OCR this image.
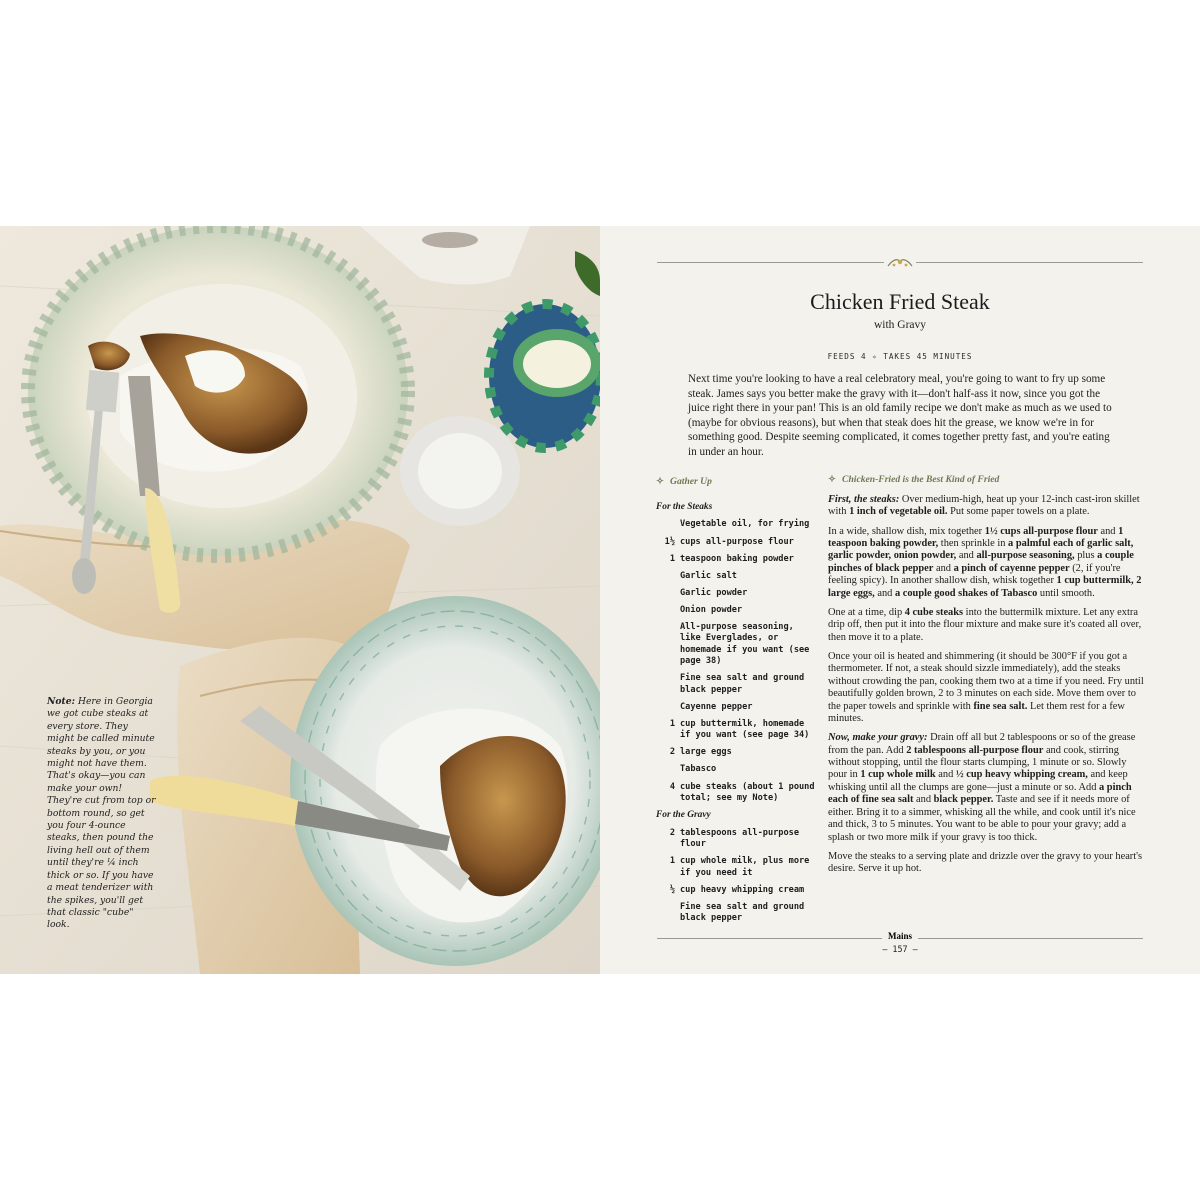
Note: Here in Georgia we got cube steaks at every store. They might be called minute steaks by you, or you might not have them. That's okay—you can make your own! They're cut from top or bottom round, so get you four 4-ounce steaks, then pound the living hell out of them until they're ¼ inch thick or so. If you have a meat tenderizer with the spikes, you'll get that classic "cube" look.
Chicken Fried Steak
with Gravy
FEEDS 4 ✧ TAKES 45 MINUTES
Next time you're looking to have a real celebratory meal, you're going to want to fry up some steak. James says you better make the gravy with it—don't half-ass it now, since you got the juice right there in your pan! This is an old family recipe we don't make as much as we used to (maybe for obvious reasons), but when that steak does hit the grease, we know we're in for something good. Despite seeming complicated, it comes together pretty fast, and you're eating in under an hour.
✧ Gather Up	✧ Chicken-Fried is the Best Kind of Fried
For the Steaks
Vegetable oil, for frying
1½ cups all-purpose flour
1 teaspoon baking powder
Garlic salt
Garlic powder
Onion powder
All-purpose seasoning, like Everglades, or homemade if you want (see page 38)
Fine sea salt and ground black pepper
Cayenne pepper
1 cup buttermilk, homemade if you want (see page 34)
2 large eggs
Tabasco
4 cube steaks (about 1 pound total; see my Note)
For the Gravy
2 tablespoons all-purpose flour
1 cup whole milk, plus more if you need it
½ cup heavy whipping cream
Fine sea salt and ground black pepper

First, the steaks: Over medium-high, heat up your 12-inch cast-iron skillet with 1 inch of vegetable oil. Put some paper towels on a plate.

In a wide, shallow dish, mix together 1½ cups all-purpose flour and 1 teaspoon baking powder, then sprinkle in a palmful each of garlic salt, garlic powder, onion powder, and all-purpose seasoning, plus a couple pinches of black pepper and a pinch of cayenne pepper (2, if you're feeling spicy). In another shallow dish, whisk together 1 cup buttermilk, 2 large eggs, and a couple good shakes of Tabasco until smooth.

One at a time, dip 4 cube steaks into the buttermilk mixture. Let any extra drip off, then put it into the flour mixture and make sure it's coated all over, then move it to a plate.

Once your oil is heated and shimmering (it should be 300°F if you got a thermometer. If not, a steak should sizzle immediately), add the steaks without crowding the pan, cooking them two at a time if you need. Fry until beautifully golden brown, 2 to 3 minutes on each side. Move them over to the paper towels and sprinkle with fine sea salt. Let them rest for a few minutes.

Now, make your gravy: Drain off all but 2 tablespoons or so of the grease from the pan. Add 2 tablespoons all-purpose flour and cook, stirring without stopping, until the flour starts clumping, 1 minute or so. Slowly pour in 1 cup whole milk and ½ cup heavy whipping cream, and keep whisking until all the clumps are gone—just a minute or so. Add a pinch each of fine sea salt and black pepper. Taste and see if it needs more of either. Bring it to a simmer, whisking all the while, and cook until it's nice and thick, 3 to 5 minutes. You want to be able to pour your gravy; add a splash or two more milk if your gravy is too thick.

Move the steaks to a serving plate and drizzle over the gravy to your heart's desire. Serve it up hot.

Mains
– 157 –
